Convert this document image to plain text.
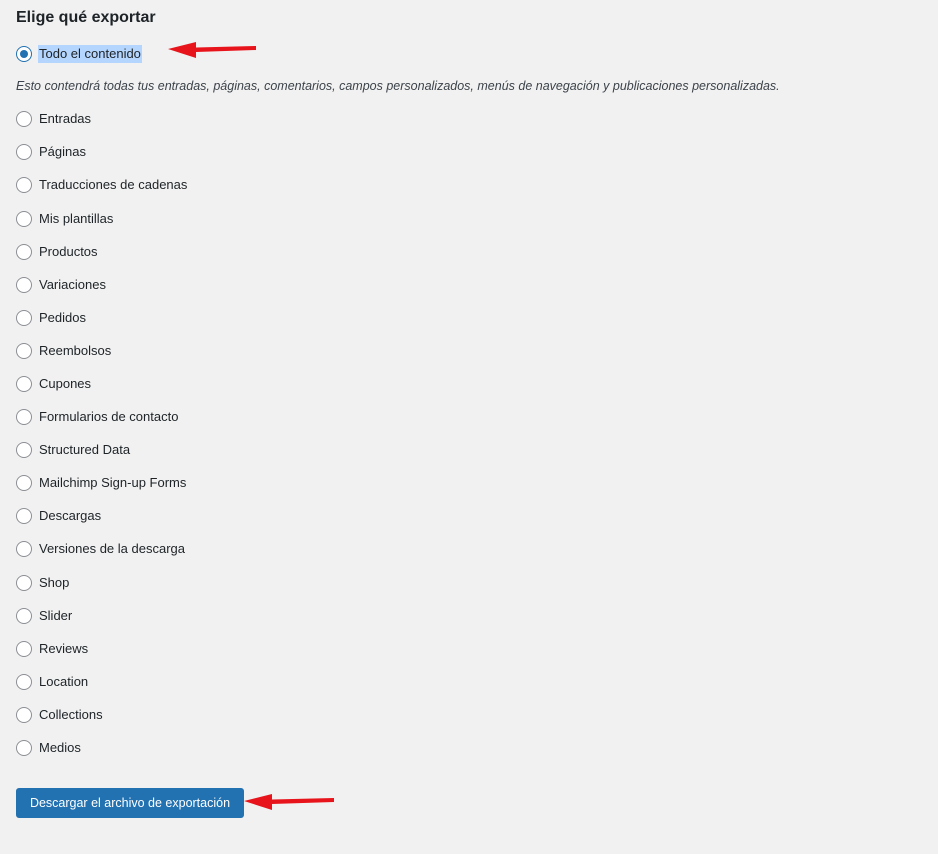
Elige qué exportar
Todo el contenido

Esto contendrá todas tus entradas, páginas, comentarios, campos personalizados, menús de navegación y publicaciones personalizadas.

Entradas
Páginas
Traducciones de cadenas
Mis plantillas
Productos
Variaciones
Pedidos
Reembolsos
Cupones
Formularios de contacto
Structured Data
Mailchimp Sign-up Forms
Descargas
Versiones de la descarga
Shop
Slider
Reviews
Location
Collections
Medios
Descargar el archivo de exportación
